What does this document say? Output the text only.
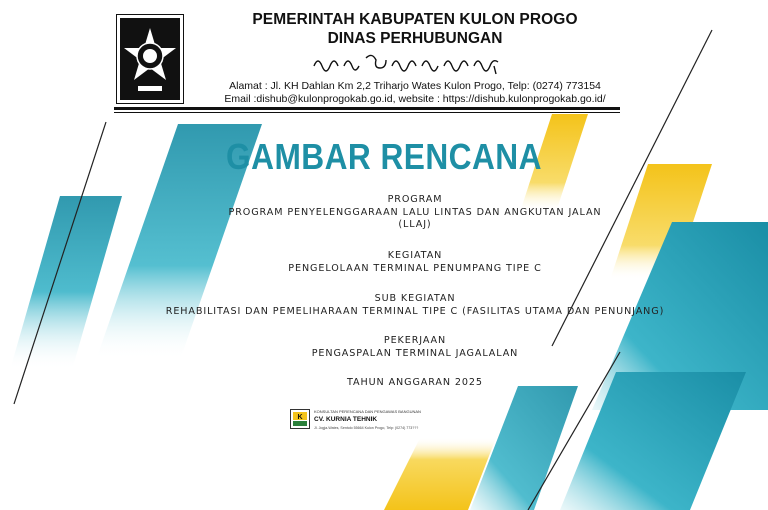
PEMERINTAH KABUPATEN KULON PROGO
DINAS PERHUBUNGAN
Alamat : Jl. KH Dahlan Km 2,2 Triharjo Wates Kulon Progo, Telp: (0274) 773154
Email :dishub@kulonprogokab.go.id, website : https://dishub.kulonprogokab.go.id/
GAMBAR RENCANA
PROGRAM
PROGRAM PENYELENGGARAAN LALU LINTAS DAN ANGKUTAN JALAN
(LLAJ)
KEGIATAN
PENGELOLAAN TERMINAL PENUMPANG TIPE C
SUB KEGIATAN
REHABILITASI DAN PEMELIHARAAN TERMINAL TIPE C (FASILITAS UTAMA DAN PENUNJANG)
PEKERJAAN
PENGASPALAN TERMINAL JAGALALAN
TAHUN ANGGARAN 2025
K
KONSULTAN PERENCANA DAN PENGAWAS BANGUNAN
CV. KURNIA TEHNIK
Jl. Jogja-Wates, Sentolo 55664 Kulon Progo, Telp: (0274) 773???
